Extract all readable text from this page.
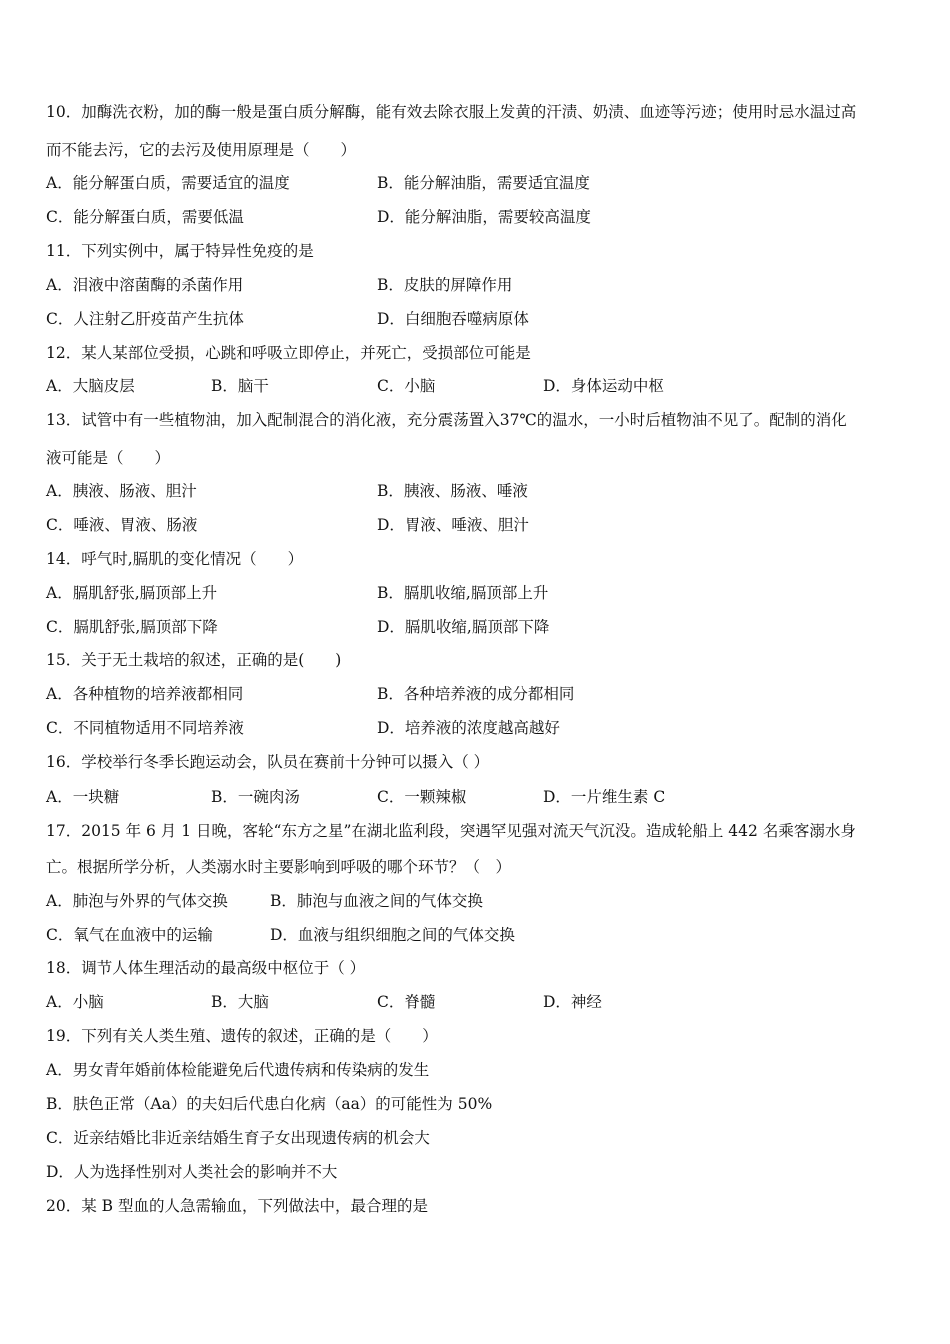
10．加酶洗衣粉，加的酶一般是蛋白质分解酶，能有效去除衣服上发黄的汗渍、奶渍、血迹等污迹；使用时忌水温过高
而不能去污，它的去污及使用原理是（　　）
A．能分解蛋白质，需要适宜的温度	B．能分解油脂，需要适宜温度
C．能分解蛋白质，需要低温	D．能分解油脂，需要较高温度
11．下列实例中，属于特异性免疫的是
A．泪液中溶菌酶的杀菌作用	B．皮肤的屏障作用
C．人注射乙肝疫苗产生抗体	D．白细胞吞噬病原体
12．某人某部位受损，心跳和呼吸立即停止，并死亡，受损部位可能是
A．大脑皮层	B．脑干	C．小脑	D．身体运动中枢
13．试管中有一些植物油，加入配制混合的消化液，充分震荡置入37℃的温水，一小时后植物油不见了。配制的消化
液可能是（　　）
A．胰液、肠液、胆汁	B．胰液、肠液、唾液
C．唾液、胃液、肠液	D．胃液、唾液、胆汁
14．呼气时,膈肌的变化情况（　　）
A．膈肌舒张,膈顶部上升	B．膈肌收缩,膈顶部上升
C．膈肌舒张,膈顶部下降	D．膈肌收缩,膈顶部下降
15．关于无土栽培的叙述，正确的是(　　)
A．各种植物的培养液都相同	B．各种培养液的成分都相同
C．不同植物适用不同培养液	D．培养液的浓度越高越好
16．学校举行冬季长跑运动会，队员在赛前十分钟可以摄入（ ）
A．一块糖	B．一碗肉汤	C．一颗辣椒	D．一片维生素 C
17．2015 年 6 月 1 日晚，客轮“东方之星”在湖北监利段，突遇罕见强对流天气沉没。造成轮船上 442 名乘客溺水身
亡。根据所学分析，人类溺水时主要影响到呼吸的哪个环节？（　）
A．肺泡与外界的气体交换	B．肺泡与血液之间的气体交换
C．氧气在血液中的运输	D．血液与组织细胞之间的气体交换
18．调节人体生理活动的最高级中枢位于（ ）
A．小脑	B．大脑	C．脊髓	D．神经
19．下列有关人类生殖、遗传的叙述，正确的是（　　）
A．男女青年婚前体检能避免后代遗传病和传染病的发生
B．肤色正常（Aa）的夫妇后代患白化病（aa）的可能性为 50%
C．近亲结婚比非近亲结婚生育子女出现遗传病的机会大
D．人为选择性别对人类社会的影响并不大
20．某 B 型血的人急需输血，下列做法中，最合理的是
